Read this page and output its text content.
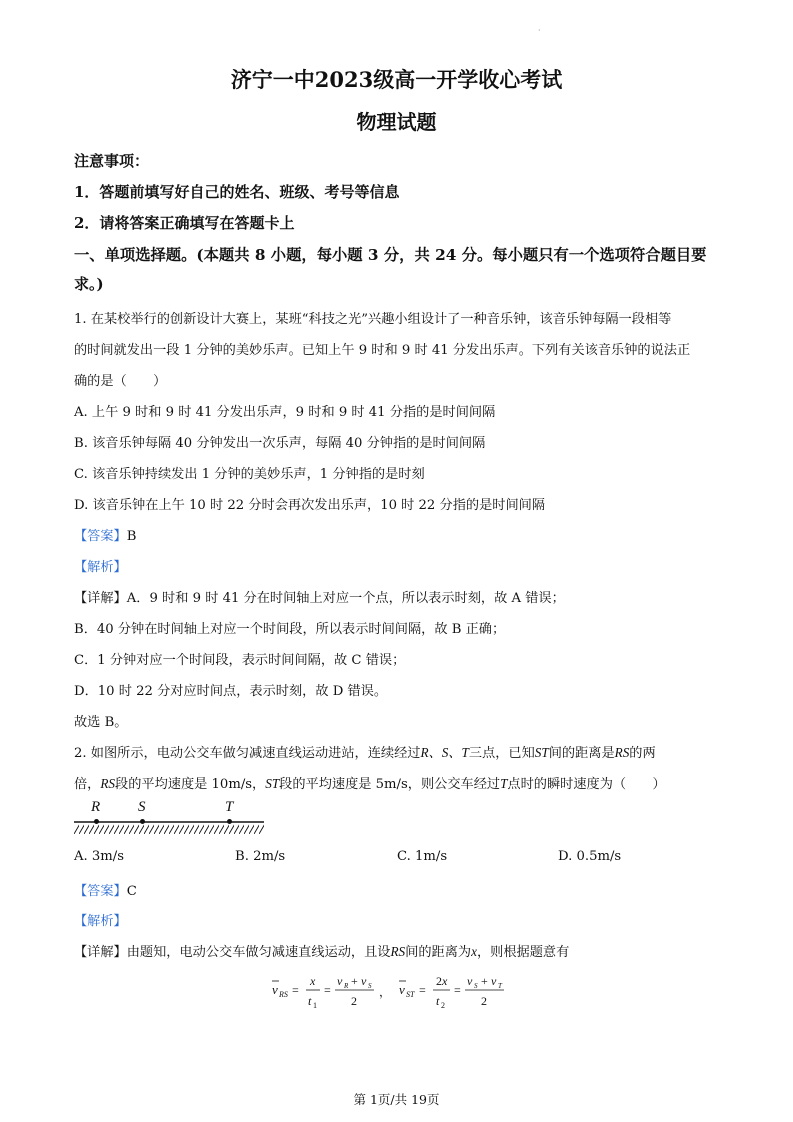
·
济宁一中2023级高一开学收心考试
物理试题
注意事项：
1．答题前填写好自己的姓名、班级、考号等信息
2．请将答案正确填写在答题卡上
一、单项选择题。(本题共 8 小题，每小题 3 分，共 24 分。每小题只有一个选项符合题目要
求。)
1. 在某校举行的创新设计大赛上，某班“科技之光”兴趣小组设计了一种音乐钟，该音乐钟每隔一段相等
的时间就发出一段 1 分钟的美妙乐声。已知上午 9 时和 9 时 41 分发出乐声。下列有关该音乐钟的说法正
确的是（　　）
A. 上午 9 时和 9 时 41 分发出乐声，9 时和 9 时 41 分指的是时间间隔
B. 该音乐钟每隔 40 分钟发出一次乐声，每隔 40 分钟指的是时间间隔
C. 该音乐钟持续发出 1 分钟的美妙乐声，1 分钟指的是时刻
D. 该音乐钟在上午 10 时 22 分时会再次发出乐声，10 时 22 分指的是时间间隔
【答案】B
【解析】
【详解】A．9 时和 9 时 41 分在时间轴上对应一个点，所以表示时刻，故 A 错误；
B．40 分钟在时间轴上对应一个时间段，所以表示时间间隔，故 B 正确；
C．1 分钟对应一个时间段，表示时间间隔，故 C 错误；
D．10 时 22 分对应时间点，表示时刻，故 D 错误。
故选 B。
2. 如图所示，电动公交车做匀减速直线运动进站，连续经过R、S、T三点，已知ST间的距离是RS的两
倍，RS段的平均速度是 10m/s，ST段的平均速度是 5m/s，则公交车经过T点时的瞬时速度为（　　）
R	S	T
A. 3m/s	B. 2m/s	C. 1m/s	D. 0.5m/s
【答案】C
【解析】
【详解】由题知，电动公交车做匀减速直线运动，且设RS间的距离为x，则根据题意有
v RS =
x
t 1
=
v R + v S
2
， v ST =
2 x
t 2
=
v S + v T
2
第 1页/共 19页
